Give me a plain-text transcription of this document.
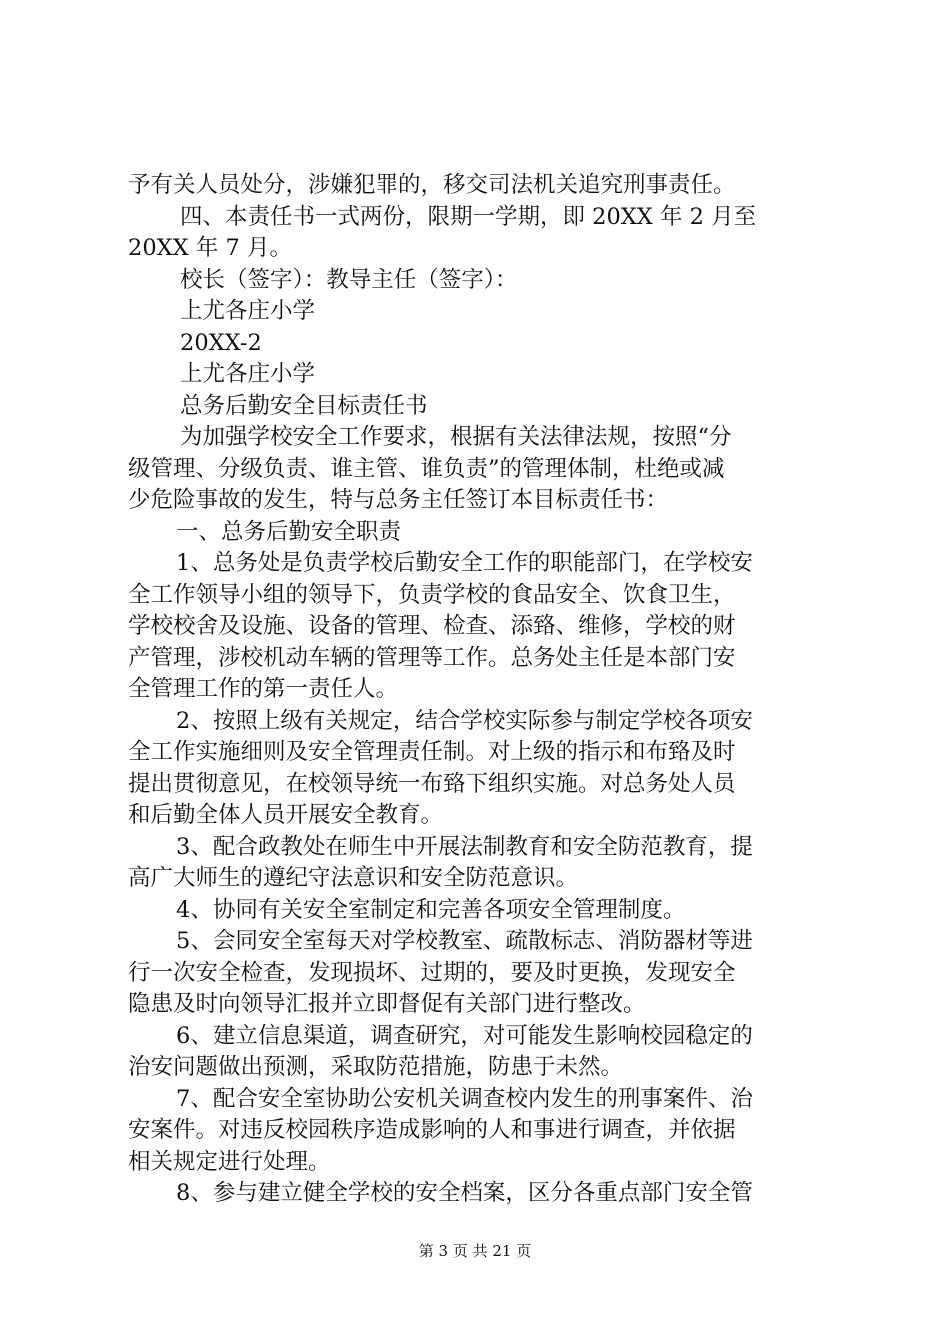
予有关人员处分，涉嫌犯罪的，移交司法机关追究刑事责任。
四、本责任书一式两份，限期一学期，即 20XX 年 2 月至
20XX 年 7 月。
校长（签字）：教导主任（签字）：
上尤各庄小学
20XX-2
上尤各庄小学
总务后勤安全目标责任书
为加强学校安全工作要求，根据有关法律法规，按照“分
级管理、分级负责、谁主管、谁负责”的管理体制，杜绝或减
少危险事故的发生，特与总务主任签订本目标责任书：
一、总务后勤安全职责
1、总务处是负责学校后勤安全工作的职能部门，在学校安
全工作领导小组的领导下，负责学校的食品安全、饮食卫生，
学校校舍及设施、设备的管理、检查、添臵、维修，学校的财
产管理，涉校机动车辆的管理等工作。总务处主任是本部门安
全管理工作的第一责任人。
2、按照上级有关规定，结合学校实际参与制定学校各项安
全工作实施细则及安全管理责任制。对上级的指示和布臵及时
提出贯彻意见，在校领导统一布臵下组织实施。对总务处人员
和后勤全体人员开展安全教育。
3、配合政教处在师生中开展法制教育和安全防范教育，提
高广大师生的遵纪守法意识和安全防范意识。
4、协同有关安全室制定和完善各项安全管理制度。
5、会同安全室每天对学校教室、疏散标志、消防器材等进
行一次安全检查，发现损坏、过期的，要及时更换，发现安全
隐患及时向领导汇报并立即督促有关部门进行整改。
6、建立信息渠道，调查研究，对可能发生影响校园稳定的
治安问题做出预测，采取防范措施，防患于未然。
7、配合安全室协助公安机关调查校内发生的刑事案件、治
安案件。对违反校园秩序造成影响的人和事进行调查，并依据
相关规定进行处理。
8、参与建立健全学校的安全档案，区分各重点部门安全管
第 3 页 共 21 页
